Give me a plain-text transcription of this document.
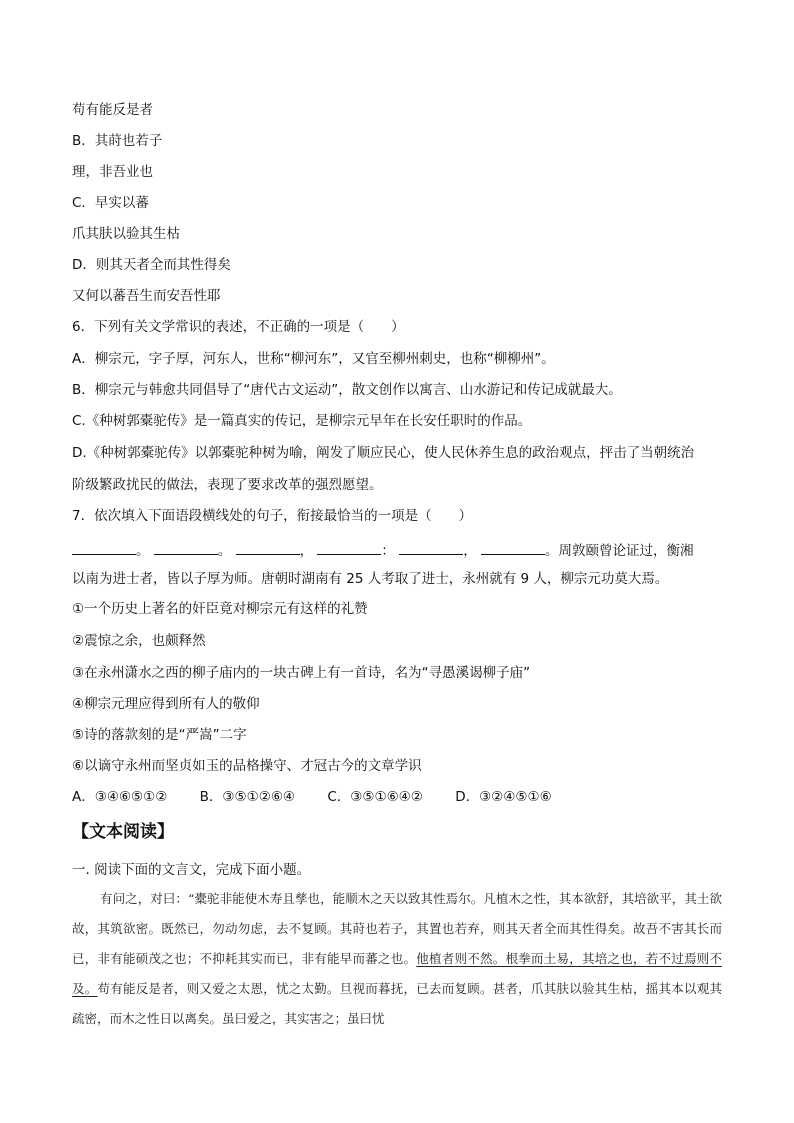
苟有能反是者
B．其莳也若子
理，非吾业也
C．早实以蕃
爪其肤以验其生枯
D．则其天者全而其性得矣
又何以蕃吾生而安吾性耶
6．下列有关文学常识的表述，不正确的一项是（　　）
A．柳宗元，字子厚，河东人，世称“柳河东”，又官至柳州刺史，也称“柳柳州”。
B．柳宗元与韩愈共同倡导了“唐代古文运动”，散文创作以寓言、山水游记和传记成就最大。
C.《种树郭橐驼传》是一篇真实的传记，是柳宗元早年在长安任职时的作品。
D.《种树郭橐驼传》以郭橐驼种树为喻，阐发了顺应民心，使人民休养生息的政治观点，抨击了当朝统治
阶级繁政扰民的做法，表现了要求改革的强烈愿望。
7．依次填入下面语段横线处的句子，衔接最恰当的一项是（　　）
。	。	，	：	，	。周敦颐曾论证过，衡湘
以南为进士者，皆以子厚为师。唐朝时湖南有 25 人考取了进士，永州就有 9 人，柳宗元功莫大焉。
①一个历史上著名的奸臣竟对柳宗元有这样的礼赞
②震惊之余，也颇释然
③在永州潇水之西的柳子庙内的一块古碑上有一首诗，名为“寻愚溪谒柳子庙”
④柳宗元理应得到所有人的敬仰
⑤诗的落款刻的是“严嵩”二字
⑥以谪守永州而坚贞如玉的品格操守、才冠古今的文章学识
A．③④⑥⑤①② B．③⑤①②⑥④ C．③⑤①⑥④② D．③②④⑤①⑥
【文本阅读】
一. 阅读下面的文言文，完成下面小题。
有问之，对曰：“橐驼非能使木寿且孳也，能顺木之天以致其性焉尔。凡植木之性，其本欲舒，其培欲平，其土欲故，其筑欲密。既然已，勿动勿虑，去不复顾。其莳也若子，其置也若弃，则其天者全而其性得矣。故吾不害其长而已，非有能硕茂之也；不抑耗其实而已，非有能早而蕃之也。他植者则不然。根拳而土易，其培之也，若不过焉则不及。苟有能反是者，则又爱之太恩，忧之太勤。旦视而暮抚，已去而复顾。甚者，爪其肤以验其生枯，摇其本以观其疏密，而木之性日以离矣。虽曰爱之，其实害之；虽曰忧
